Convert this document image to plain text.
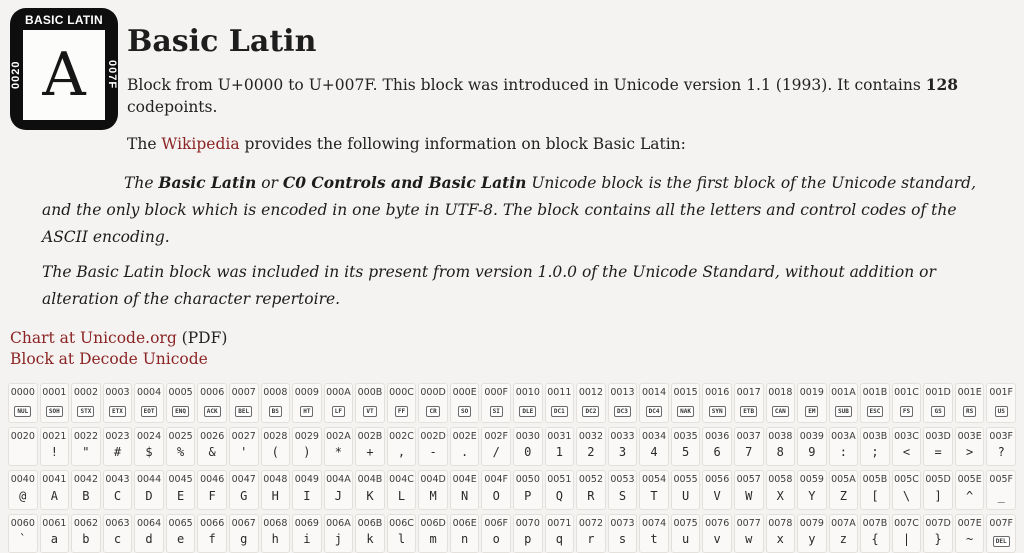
BASIC LATIN
0020	007F
A Basic Latin

Block from U+0000 to U+007F. This block was introduced in Unicode version 1.1 (1993). It contains 128 codepoints.

The Wikipedia provides the following information on block Basic Latin:

The Basic Latin or C0 Controls and Basic Latin Unicode block is the first block of the Unicode standard, and the only block which is encoded in one byte in UTF-8. The block contains all the letters and control codes of the ASCII encoding.

The Basic Latin block was included in its present from version 1.0.0 of the Unicode Standard, without addition or alteration of the character repertoire.

Chart at Unicode.org (PDF)

Block at Decode Unicode

0000
NUL
0001
SOH
0002
STX
0003
ETX
0004
EOT
0005
ENQ
0006
ACK
0007
BEL
0008
BS
0009
HT
000A
LF
000B
VT
000C
FF
000D
CR
000E
SO
000F
SI
0010
DLE
0011
DC1
0012
DC2
0013
DC3
0014
DC4
0015
NAK
0016
SYN
0017
ETB
0018
CAN
0019
EM
001A
SUB
001B
ESC
001C
FS
001D
GS
001E
RS
001F
US
0020 0021
!
0022
"
0023
#
0024
$
0025
%
0026
&
0027
'
0028
(
0029
)
002A
*
002B
+
002C
,
002D
-
002E
.
002F
/
0030
0
0031
1
0032
2
0033
3
0034
4
0035
5
0036
6
0037
7
0038
8
0039
9
003A
:
003B
;
003C
<
003D
=
003E
>
003F
?
0040
@
0041
A
0042
B
0043
C
0044
D
0045
E
0046
F
0047
G
0048
H
0049
I
004A
J
004B
K
004C
L
004D
M
004E
N
004F
O
0050
P
0051
Q
0052
R
0053
S
0054
T
0055
U
0056
V
0057
W
0058
X
0059
Y
005A
Z
005B
[
005C
\
005D
]
005E
^
005F
_
0060
`
0061
a
0062
b
0063
c
0064
d
0065
e
0066
f
0067
g
0068
h
0069
i
006A
j
006B
k
006C
l
006D
m
006E
n
006F
o
0070
p
0071
q
0072
r
0073
s
0074
t
0075
u
0076
v
0077
w
0078
x
0079
y
007A
z
007B
{
007C
|
007D
}
007E
~
007F
DEL
